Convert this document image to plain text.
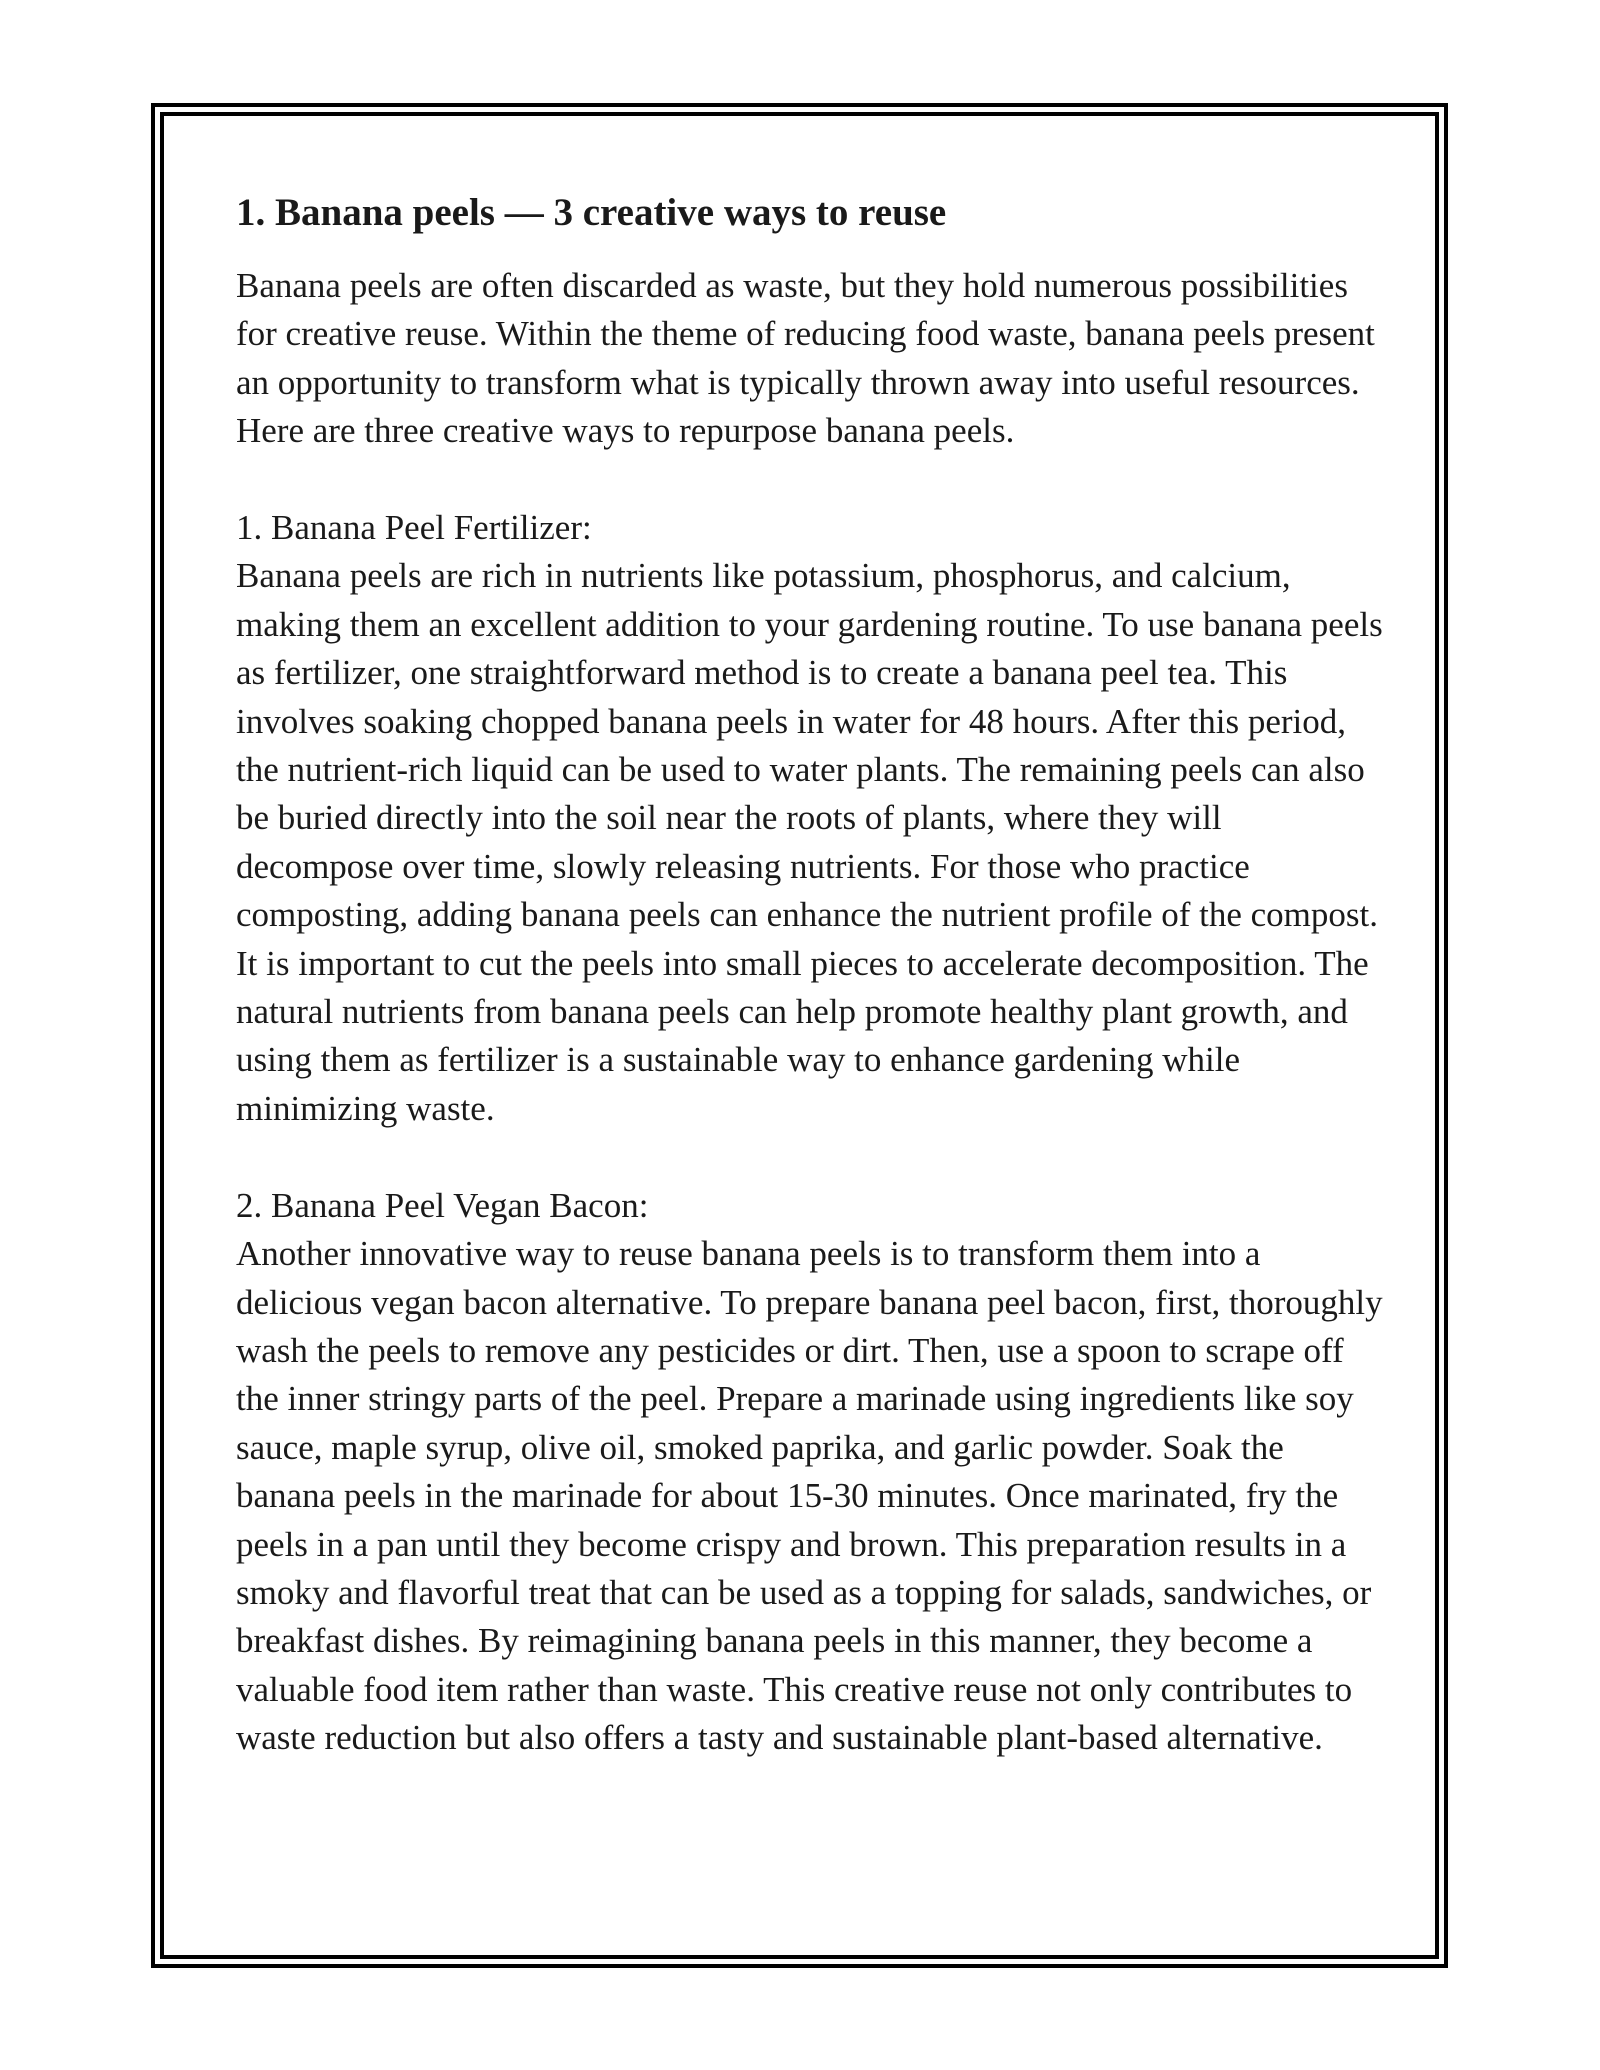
1. Banana peels — 3 creative ways to reuse

Banana peels are often discarded as waste, but they hold numerous possibilities for creative reuse. Within the theme of reducing food waste, banana peels present an opportunity to transform what is typically thrown away into useful resources. Here are three creative ways to repurpose banana peels.

1. Banana Peel Fertilizer:

Banana peels are rich in nutrients like potassium, phosphorus, and calcium, making them an excellent addition to your gardening routine. To use banana peels as fertilizer, one straightforward method is to create a banana peel tea. This involves soaking chopped banana peels in water for 48 hours. After this period, the nutrient-rich liquid can be used to water plants. The remaining peels can also be buried directly into the soil near the roots of plants, where they will decompose over time, slowly releasing nutrients. For those who practice composting, adding banana peels can enhance the nutrient profile of the compost. It is important to cut the peels into small pieces to accelerate decomposition. The natural nutrients from banana peels can help promote healthy plant growth, and using them as fertilizer is a sustainable way to enhance gardening while minimizing waste.

2. Banana Peel Vegan Bacon:

Another innovative way to reuse banana peels is to transform them into a delicious vegan bacon alternative. To prepare banana peel bacon, first, thoroughly wash the peels to remove any pesticides or dirt. Then, use a spoon to scrape off the inner stringy parts of the peel. Prepare a marinade using ingredients like soy sauce, maple syrup, olive oil, smoked paprika, and garlic powder. Soak the banana peels in the marinade for about 15-30 minutes. Once marinated, fry the peels in a pan until they become crispy and brown. This preparation results in a smoky and flavorful treat that can be used as a topping for salads, sandwiches, or breakfast dishes. By reimagining banana peels in this manner, they become a valuable food item rather than waste. This creative reuse not only contributes to waste reduction but also offers a tasty and sustainable plant-based alternative.
